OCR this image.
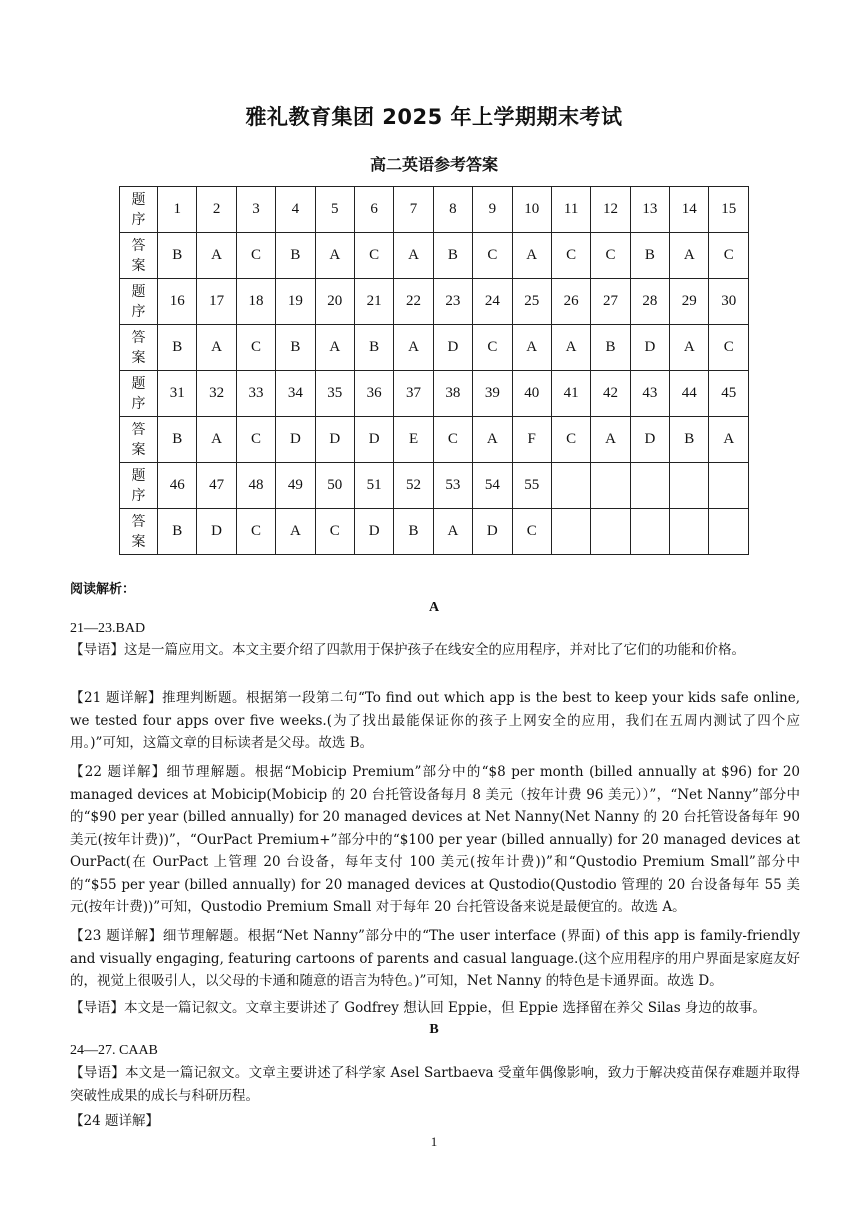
雅礼教育集团 2025 年上学期期末考试
高二英语参考答案
题
序	1	2	3	4	5	6	7	8	9	10	11	12	13	14	15

答
案	B	A	C	B	A	C	A	B	C	A	C	C	B	A	C

题
序	16	17	18	19	20	21	22	23	24	25	26	27	28	29	30

答
案	B	A	C	B	A	B	A	D	C	A	A	B	D	A	C

题
序	31	32	33	34	35	36	37	38	39	40	41	42	43	44	45

答
案	B	A	C	D	D	D	E	C	A	F	C	A	D	B	A

题
序	46	47	48	49	50	51	52	53	54	55					

答
案	B	D	C	A	C	D	B	A	D	C					
阅读解析：
A
21—23.BAD

【导语】这是一篇应用文。本文主要介绍了四款用于保护孩子在线安全的应用程序，并对比了它们的功能和价格。

【21 题详解】推理判断题。根据第一段第二句“To find out which app is the best to keep your kids safe online, we tested four apps over five weeks.(为了找出最能保证你的孩子上网安全的应用，我们在五周内测试了四个应用。)”可知，这篇文章的目标读者是父母。故选 B。

【22 题详解】细节理解题。根据“Mobicip Premium”部分中的“$8 per month (billed annually at $96) for 20 managed devices at Mobicip(Mobicip 的 20 台托管设备每月 8 美元（按年计费 96 美元））”，“Net Nanny”部分中的“$90 per year (billed annually) for 20 managed devices at Net Nanny(Net Nanny 的 20 台托管设备每年 90 美元(按年计费))”，“OurPact Premium+”部分中的“$100 per year (billed annually) for 20 managed devices at OurPact(在 OurPact 上管理 20 台设备，每年支付 100 美元(按年计费))”和“Qustodio Premium Small”部分中的“$55 per year (billed annually) for 20 managed devices at Qustodio(Qustodio 管理的 20 台设备每年 55 美元(按年计费))”可知，Qustodio Premium Small 对于每年 20 台托管设备来说是最便宜的。故选 A。

【23 题详解】细节理解题。根据“Net Nanny”部分中的“The user interface (界面) of this app is family-friendly and visually engaging, featuring cartoons of parents and casual language.(这个应用程序的用户界面是家庭友好的，视觉上很吸引人，以父母的卡通和随意的语言为特色。)”可知，Net Nanny 的特色是卡通界面。故选 D。

【导语】本文是一篇记叙文。文章主要讲述了 Godfrey 想认回 Eppie，但 Eppie 选择留在养父 Silas 身边的故事。

B
24—27. CAAB

【导语】本文是一篇记叙文。文章主要讲述了科学家 Asel Sartbaeva 受童年偶像影响，致力于解决疫苗保存难题并取得突破性成果的成长与科研历程。

【24 题详解】

1
